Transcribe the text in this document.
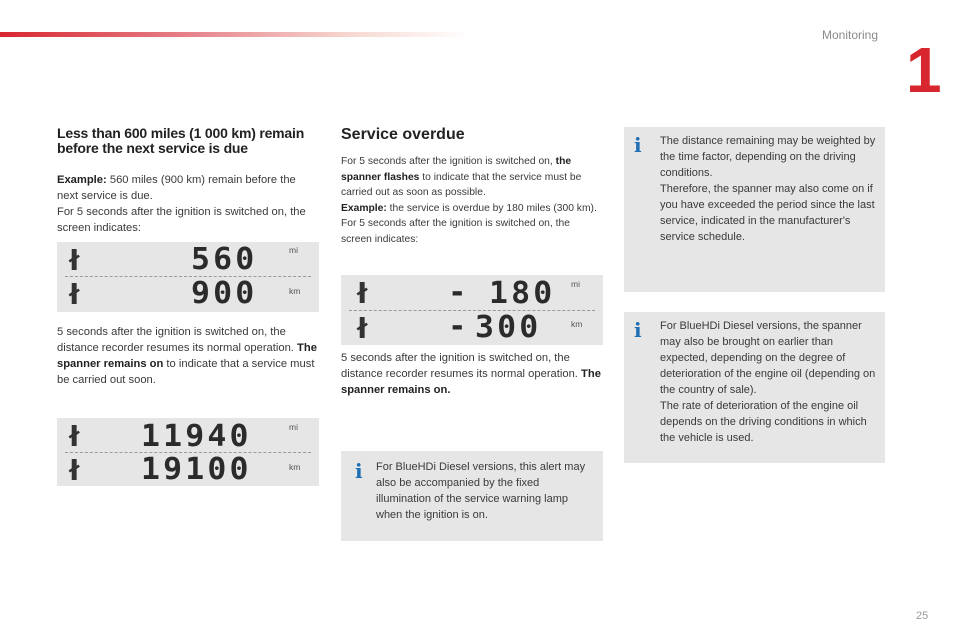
Monitoring 1
25
Less than 600 miles (1 000 km) remain before the next service is due
Example: 560 miles (900 km) remain before the next service is due.
For 5 seconds after the ignition is switched on, the screen indicates:
ł	560	mi
ł	900	km
5 seconds after the ignition is switched on, the distance recorder resumes its normal operation. The spanner remains on to indicate that a service must be carried out soon.
ł 11940	mi
ł 19100	km
Service overdue
For 5 seconds after the ignition is switched on, the spanner flashes to indicate that the service must be carried out as soon as possible.
Example: the service is overdue by 180 miles (300 km).
For 5 seconds after the ignition is switched on, the screen indicates:
ł	- 180 mi
ł	- 300	km
5 seconds after the ignition is switched on, the distance recorder resumes its normal operation. The spanner remains on.
i For BlueHDi Diesel versions, this alert may also be accompanied by the fixed illumination of the service warning lamp when the ignition is on.
i The distance remaining may be weighted by the time factor, depending on the driving conditions.

Therefore, the spanner may also come on if you have exceeded the period since the last service, indicated in the manufacturer's service schedule.

i For BlueHDi Diesel versions, the spanner may also be brought on earlier than expected, depending on the degree of deterioration of the engine oil (depending on the country of sale).

The rate of deterioration of the engine oil depends on the driving conditions in which the vehicle is used.
